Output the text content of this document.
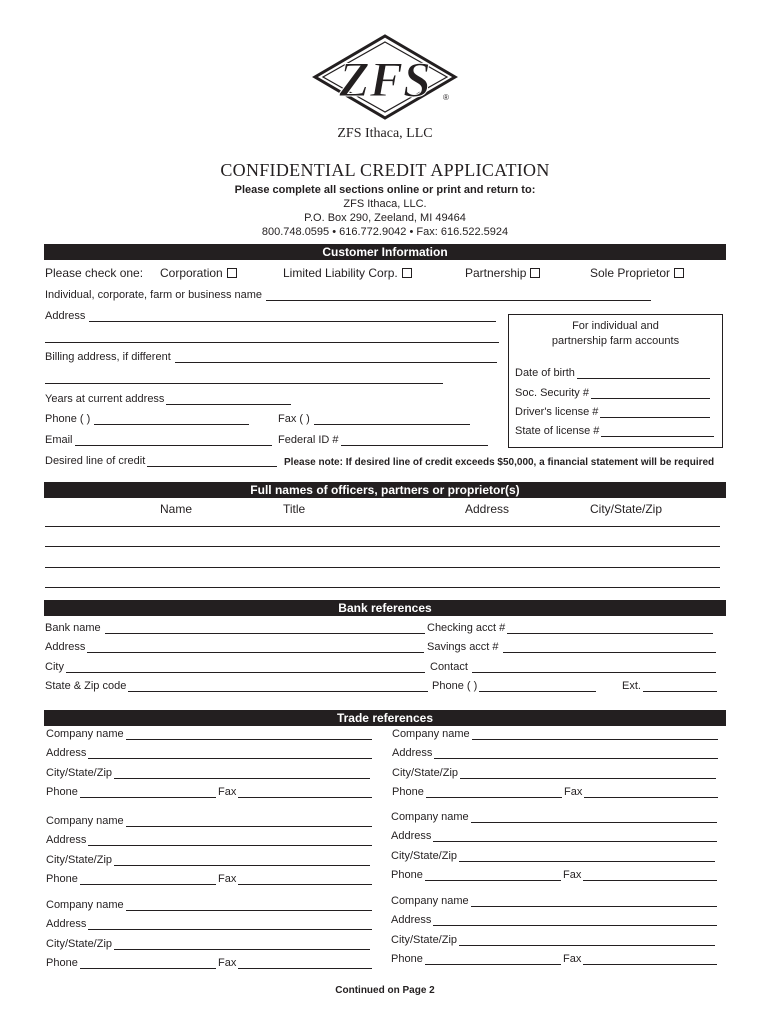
ZFS ®
ZFS Ithaca, LLC
CONFIDENTIAL CREDIT APPLICATION
Please complete all sections online or print and return to:
ZFS Ithaca, LLC.
P.O. Box 290, Zeeland, MI 49464
800.748.0595 • 616.772.9042 • Fax: 616.522.5924
Customer Information
Please check one: Corporation	Limited Liability Corp.	Partnership	Sole Proprietor
Individual, corporate, farm or business name
Address
Billing address, if different
Years at current address
Phone ( )	Fax ( )
Email	Federal ID #
Desired line of credit	Please note: If desired line of credit exceeds $50,000, a financial statement will be required
For individual and
partnership farm accounts
Date of birth
Soc. Security #
Driver's license #
State of license #
Full names of officers, partners or proprietor(s)
Name	Title	Address	City/State/Zip
Bank references
Bank name	Checking acct #
Address	Savings acct #
City	Contact
State & Zip code	Phone ( )	Ext.
Trade references
Company name
Address
City/State/Zip
Phone	Fax
Company name
Address
City/State/Zip
Phone	Fax
Company name
Address
City/State/Zip
Phone	Fax
Company name
Address
City/State/Zip
Phone	Fax
Company name
Address
City/State/Zip
Phone	Fax
Company name
Address
City/State/Zip
Phone	Fax
Continued on Page 2
